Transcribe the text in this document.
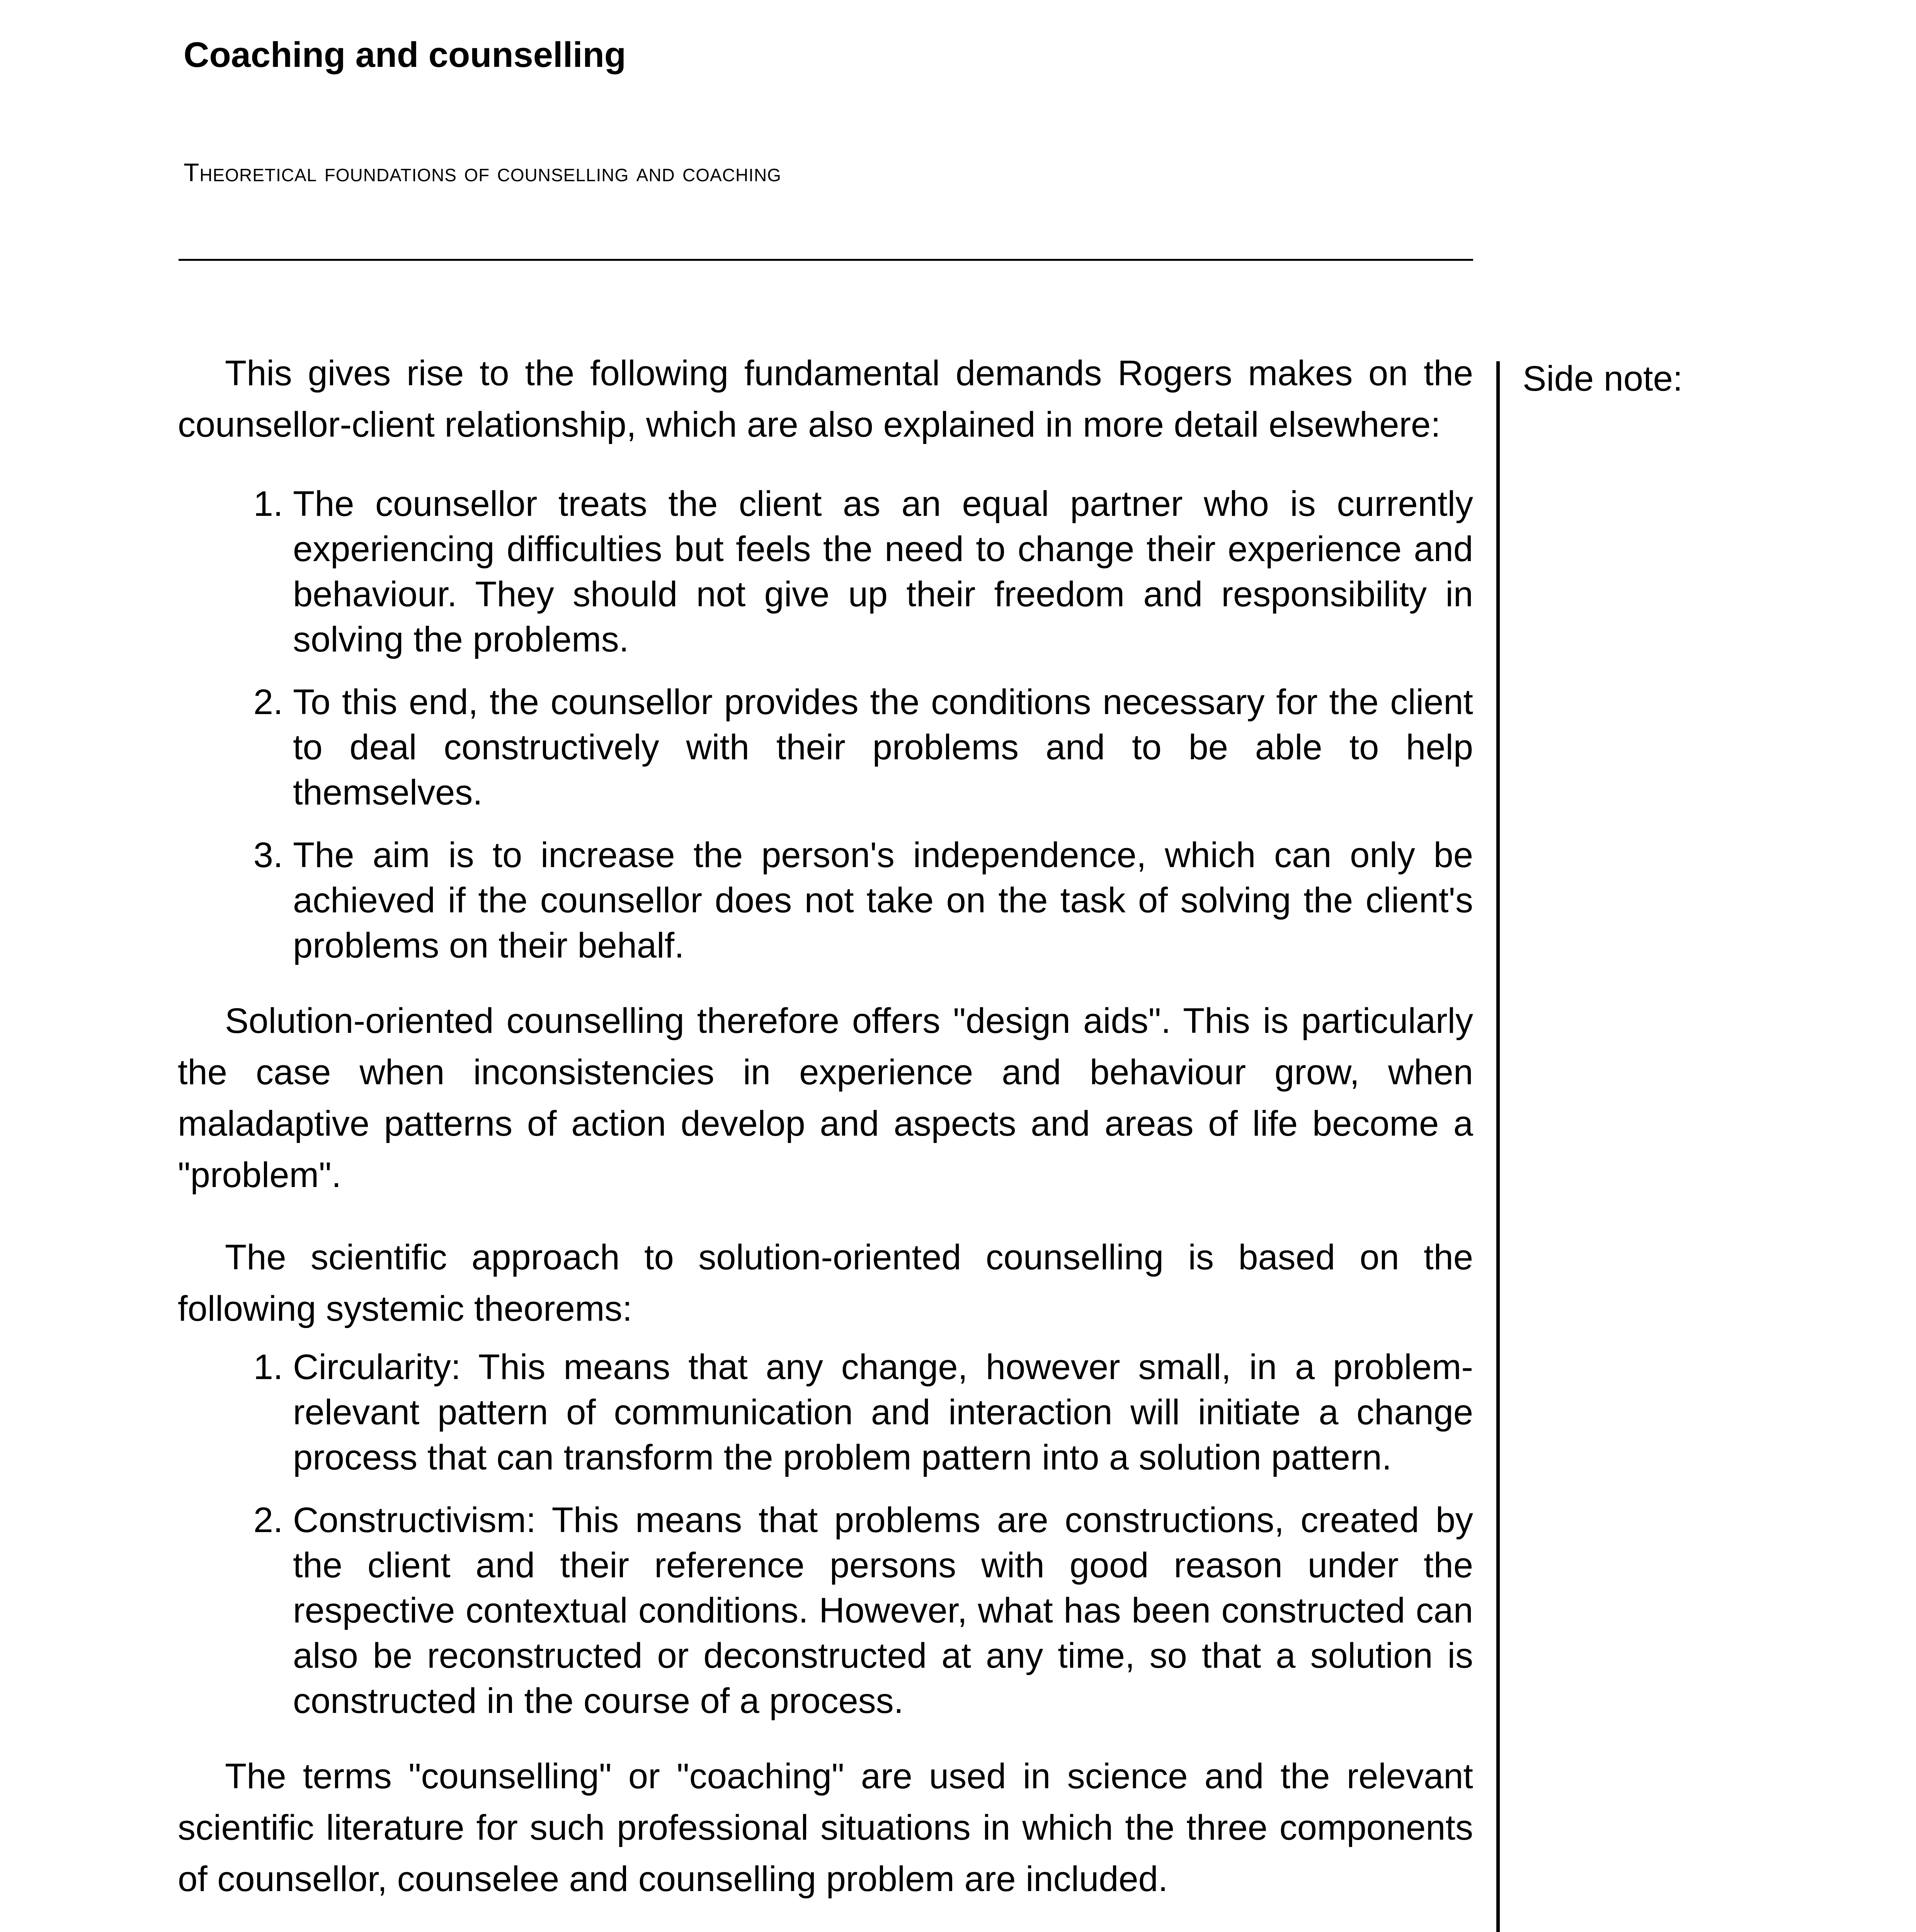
Coaching and counselling
Theoretical foundations of counselling and coaching

This gives rise to the following fundamental demands Rogers makes on the counsellor-client relationship, which are also explained in more detail elsewhere:

1. The counsellor treats the client as an equal partner who is currently experiencing difficulties but feels the need to change their experience and behaviour. They should not give up their freedom and responsibility in solving the problems.
2. To this end, the counsellor provides the conditions necessary for the client to deal constructively with their problems and to be able to help themselves.
3. The aim is to increase the person's independence, which can only be achieved if the counsellor does not take on the task of solving the client's problems on their behalf.

Solution-oriented counselling therefore offers "design aids". This is particularly the case when inconsistencies in experience and behaviour grow, when maladaptive patterns of action develop and aspects and areas of life become a "problem".

The scientific approach to solution-oriented counselling is based on the following systemic theorems:

1. Circularity: This means that any change, however small, in a problem-relevant pattern of communication and interaction will initiate a change process that can transform the problem pattern into a solution pattern.
2. Constructivism: This means that problems are constructions, created by the client and their reference persons with good reason under the respective contextual conditions. However, what has been constructed can also be reconstructed or deconstructed at any time, so that a solution is constructed in the course of a process.

The terms "counselling" or "coaching" are used in science and the relevant scientific literature for such professional situations in which the three components of counsellor, counselee and counselling problem are included.

Side note:
